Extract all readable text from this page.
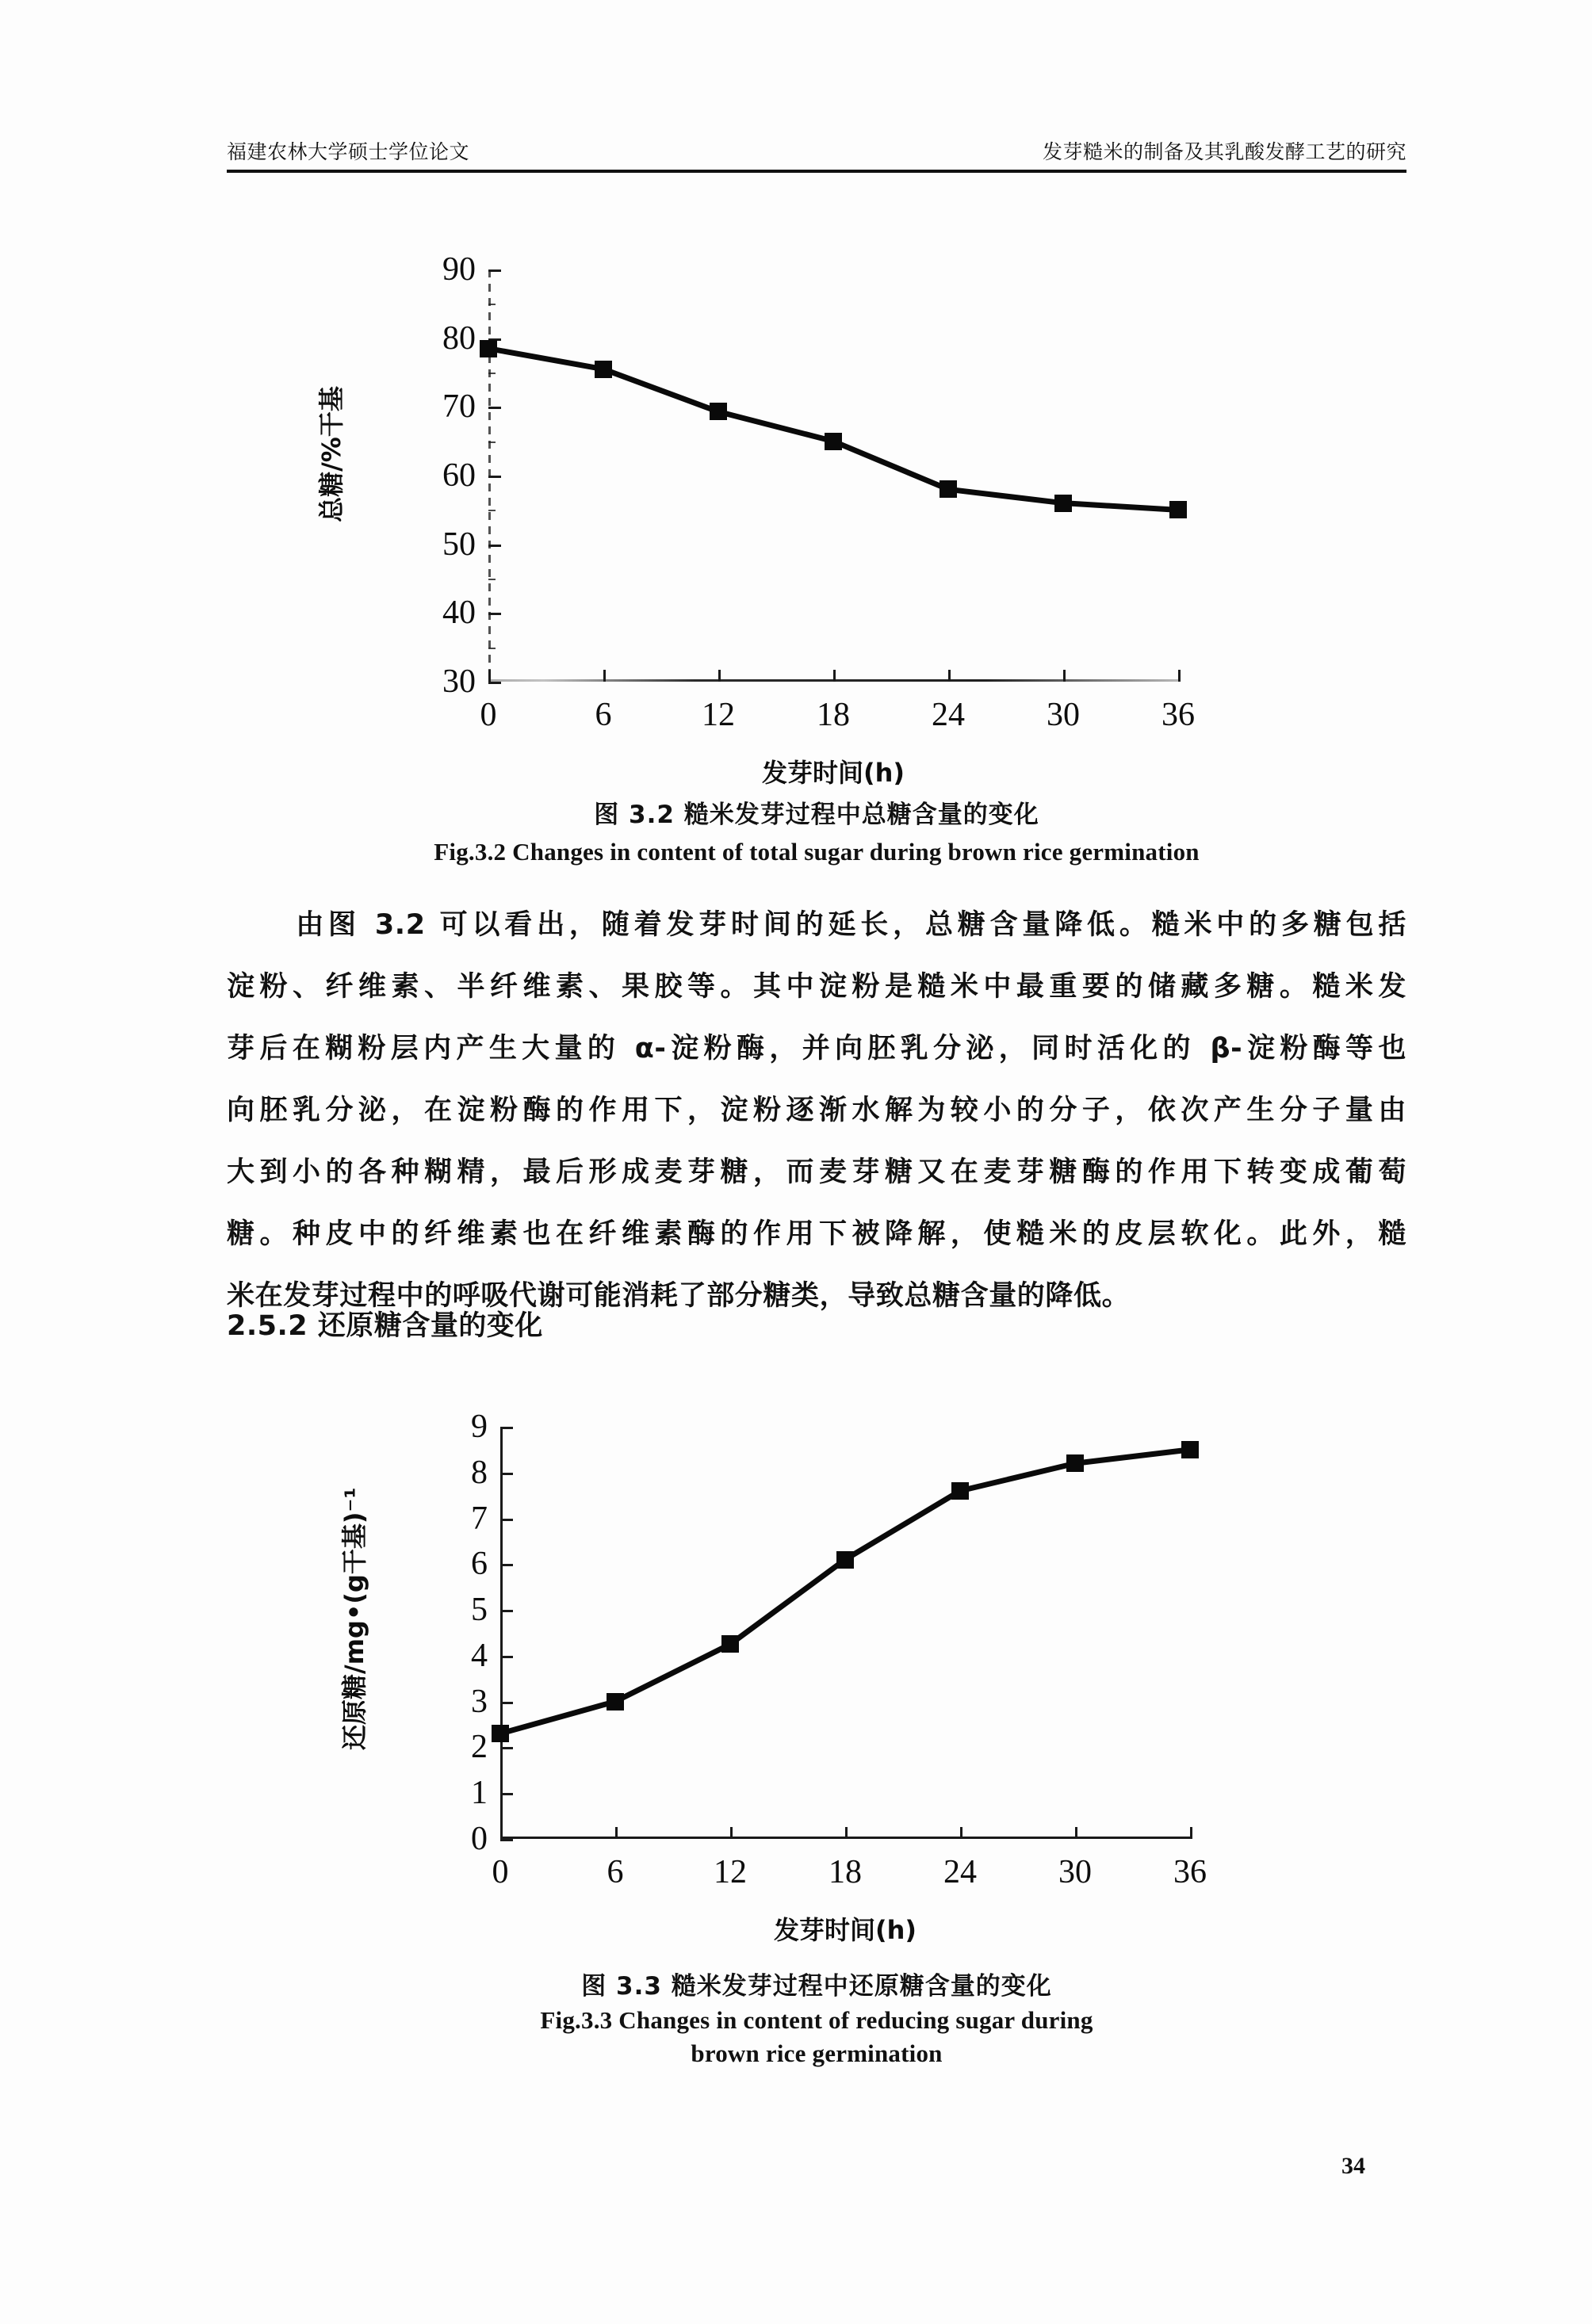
福建农林大学硕士学位论文	发芽糙米的制备及其乳酸发酵工艺的研究
总糖/%干基
30
40
50
60
70
80
90
0	6	12 18 24 30 36
发芽时间(h)
图 3.2 糙米发芽过程中总糖含量的变化
Fig.3.2 Changes in content of total sugar during brown rice germination

由图 3.2 可以看出，随着发芽时间的延长，总糖含量降低。糙米中的多糖包括

淀粉、纤维素、半纤维素、果胶等。其中淀粉是糙米中最重要的储藏多糖。糙米发

芽后在糊粉层内产生大量的 α-淀粉酶，并向胚乳分泌，同时活化的 β-淀粉酶等也

向胚乳分泌，在淀粉酶的作用下，淀粉逐渐水解为较小的分子，依次产生分子量由

大到小的各种糊精，最后形成麦芽糖，而麦芽糖又在麦芽糖酶的作用下转变成葡萄

糖。种皮中的纤维素也在纤维素酶的作用下被降解，使糙米的皮层软化。此外，糙

米在发芽过程中的呼吸代谢可能消耗了部分糖类，导致总糖含量的降低。

2.5.2 还原糖含量的变化
还原糖/mg•(g干基)⁻¹
0
1
2
3
4
5
6
7
8
9
0	6	12 18 24 30 36
发芽时间(h)
图 3.3 糙米发芽过程中还原糖含量的变化
Fig.3.3 Changes in content of reducing sugar during
brown rice germination
34
